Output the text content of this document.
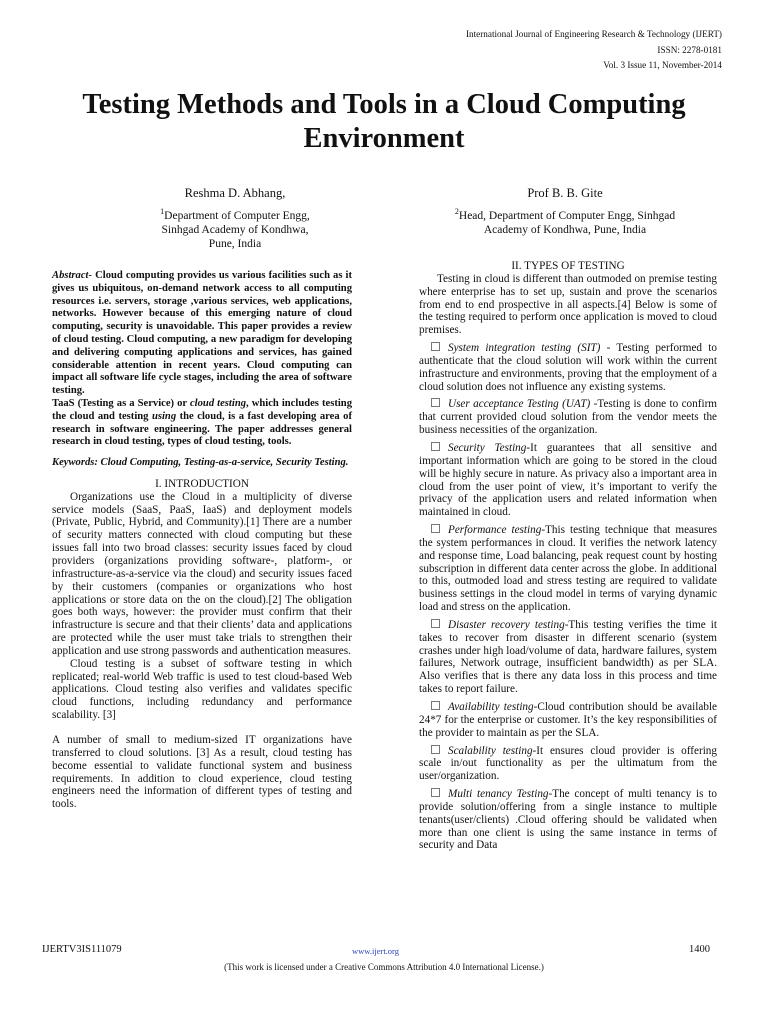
International Journal of Engineering Research & Technology (IJERT)
ISSN: 2278-0181
Vol. 3 Issue 11, November-2014
Testing Methods and Tools in a Cloud Computing Environment
Reshma D. Abhang,
$^1$Department of Computer Engg,
Sinhgad Academy of Kondhwa,
Pune, India
Prof B. B. Gite
$^2$Head, Department of Computer Engg, Sinhgad
Academy of Kondhwa, Pune, India

Abstract- Cloud computing provides us various facilities such as it gives us ubiquitous, on-demand network access to all computing resources i.e. servers, storage ,various services, web applications, networks. However because of this emerging nature of cloud computing, security is unavoidable. This paper provides a review of cloud testing. Cloud computing, a new paradigm for developing and delivering computing applications and services, has gained considerable attention in recent years. Cloud computing can impact all software life cycle stages, including the area of software testing.
TaaS (Testing as a Service) or cloud testing, which includes testing the cloud and testing using the cloud, is a fast developing area of research in software engineering. The paper addresses general research in cloud testing, types of cloud testing, tools.

Keywords: Cloud Computing, Testing-as-a-service, Security Testing.

I. INTRODUCTION

Organizations use the Cloud in a multiplicity of diverse service models (SaaS, PaaS, IaaS) and deployment models (Private, Public, Hybrid, and Community).[1] There are a number of security matters connected with cloud computing but these issues fall into two broad classes: security issues faced by cloud providers (organizations providing software-, platform-, or infrastructure-as-a-service via the cloud) and security issues faced by their customers (companies or organizations who host applications or store data on the on the cloud).[2] The obligation goes both ways, however: the provider must confirm that their infrastructure is secure and that their clients’ data and applications are protected while the user must take trials to strengthen their application and use strong passwords and authentication measures.

Cloud testing is a subset of software testing in which replicated; real-world Web traffic is used to test cloud-based Web applications. Cloud testing also verifies and validates specific cloud functions, including redundancy and performance scalability. [3]

A number of small to medium-sized IT organizations have transferred to cloud solutions. [3] As a result, cloud testing has become essential to validate functional system and business requirements. In addition to cloud experience, cloud testing engineers need the information of different types of testing and tools.

II. TYPES OF TESTING

Testing in cloud is different than outmoded on premise testing where enterprise has to set up, sustain and prove the scenarios from end to end prospective in all aspects.[4] Below is some of the testing required to perform once application is moved to cloud premises.

System integration testing (SIT) - Testing performed to authenticate that the cloud solution will work within the current infrastructure and environments, proving that the employment of a cloud solution does not influence any existing systems.

User acceptance Testing (UAT) -Testing is done to confirm that current provided cloud solution from the vendor meets the business necessities of the organization.

Security Testing-It guarantees that all sensitive and important information which are going to be stored in the cloud will be highly secure in nature. As privacy also a important area in cloud from the user point of view, it’s important to verify the privacy of the application users and related information when maintained in cloud.

Performance testing-This testing technique that measures the system performances in cloud. It verifies the network latency and response time, Load balancing, peak request count by hosting subscription in different data center across the globe. In additional to this, outmoded load and stress testing are required to validate business settings in the cloud model in terms of varying dynamic load and stress on the application.

Disaster recovery testing-This testing verifies the time it takes to recover from disaster in different scenario (system crashes under high load/volume of data, hardware failures, system failures, Network outrage, insufficient bandwidth) as per SLA. Also verifies that is there any data loss in this process and time takes to report failure.

Availability testing-Cloud contribution should be available 24*7 for the enterprise or customer. It’s the key responsibilities of the provider to maintain as per the SLA.

Scalability testing-It ensures cloud provider is offering scale in/out functionality as per the ultimatum from the user/organization.

Multi tenancy Testing-The concept of multi tenancy is to provide solution/offering from a single instance to multiple tenants(user/clients) .Cloud offering should be validated when more than one client is using the same instance in terms of security and Data

IJERTV3IS111079	www.ijert.org	1400
(This work is licensed under a Creative Commons Attribution 4.0 International License.)
